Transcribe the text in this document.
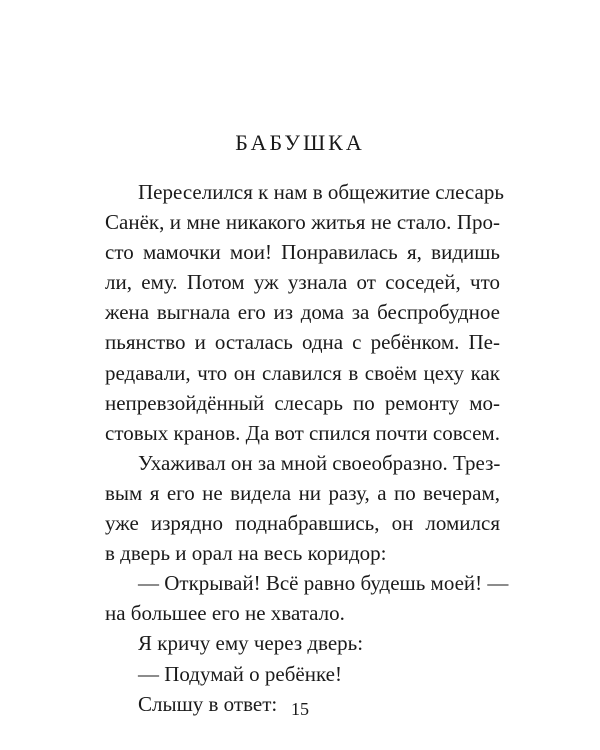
БАБУШКА
Переселился к нам в общежитие слесарь
Санёк, и мне никакого житья не стало. Про-
сто мамочки мои! Понравилась я, видишь
ли, ему. Потом уж узнала от соседей, что
жена выгнала его из дома за беспробудное
пьянство и осталась одна с ребёнком. Пе-
редавали, что он славился в своём цеху как
непревзойдённый слесарь по ремонту мо-
стовых кранов. Да вот спился почти совсем.
Ухаживал он за мной своеобразно. Трез-
вым я его не видела ни разу, а по вечерам,
уже изрядно поднабравшись, он ломился
в дверь и орал на весь коридор:
— Открывай! Всё равно будешь моей! —
на большее его не хватало.
Я кричу ему через дверь:
— Подумай о ребёнке!
Слышу в ответ: 15
